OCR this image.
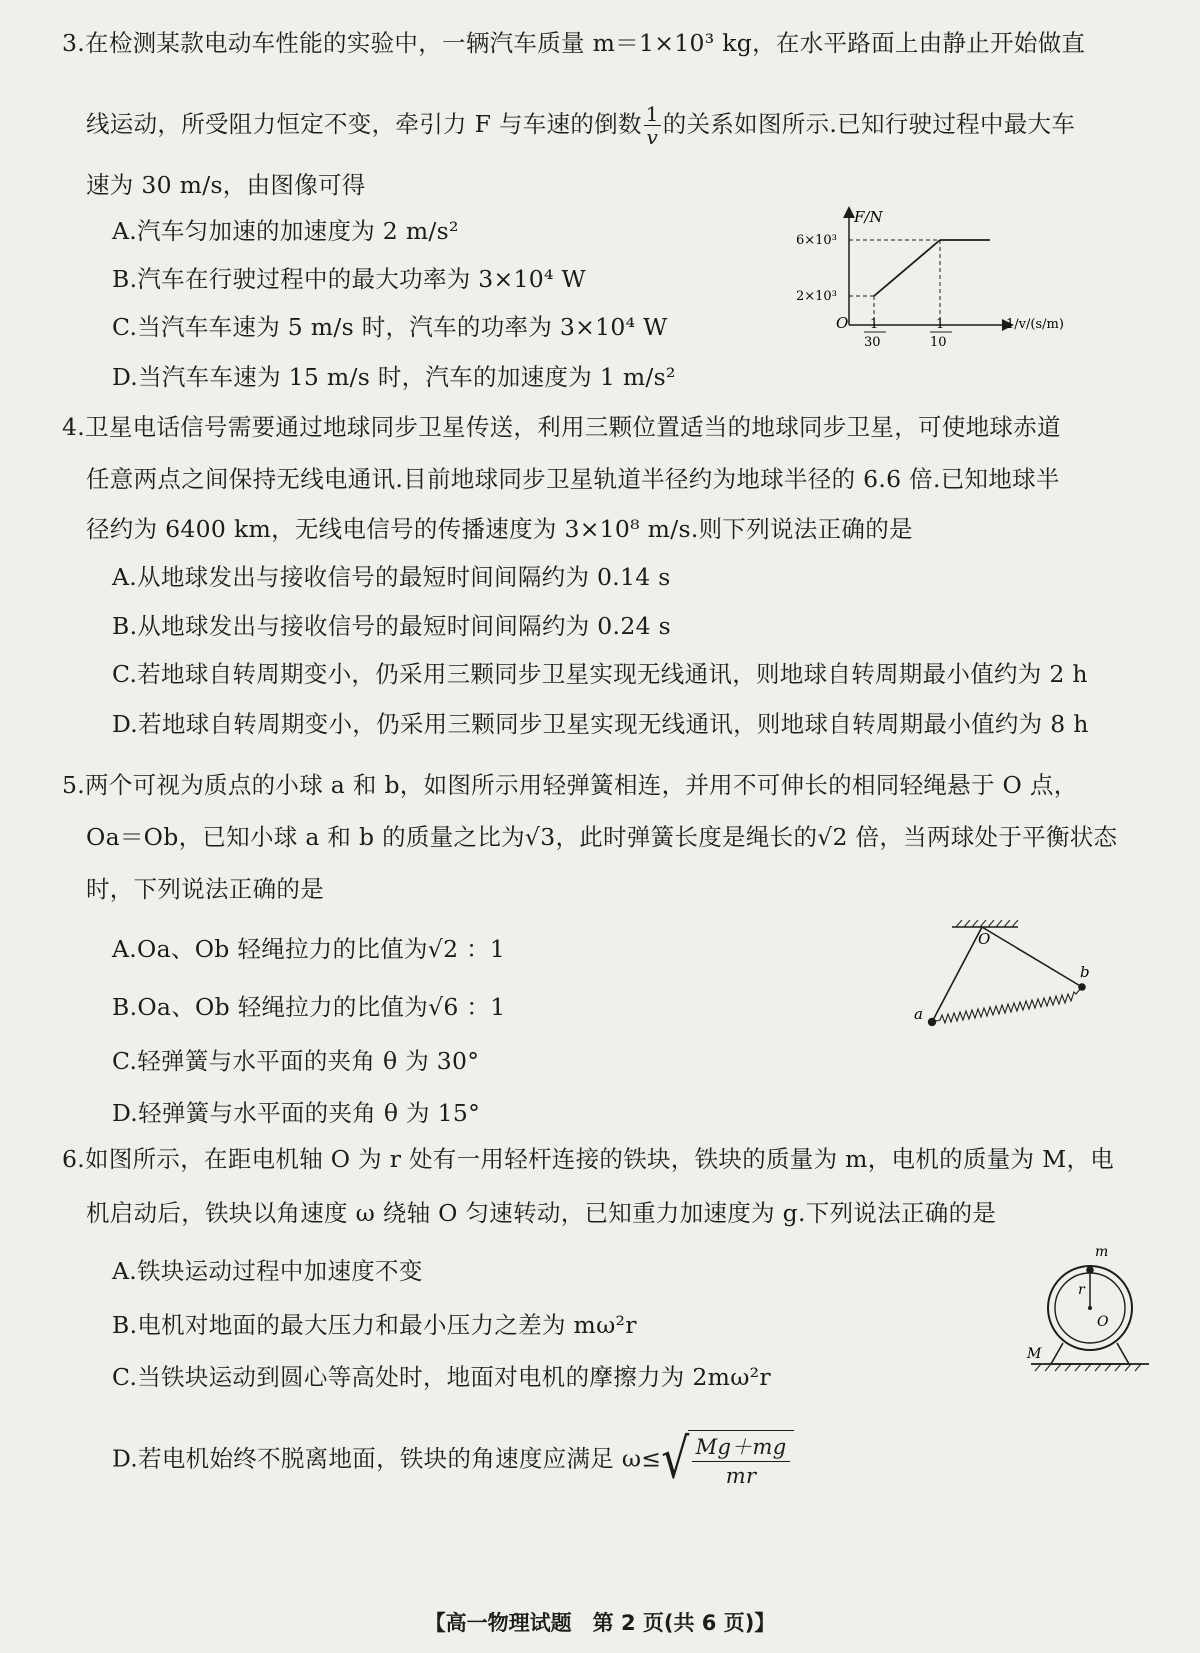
3.在检测某款电动车性能的实验中，一辆汽车质量 m＝1×10³ kg，在水平路面上由静止开始做直
线运动，所受阻力恒定不变，牵引力 F 与车速的倒数 $\frac{1}{v}$ 的关系如图所示.已知行驶过程中最大车
速为 30 m/s，由图像可得
A.汽车匀加速的加速度为 2 m/s²
B.汽车在行驶过程中的最大功率为 3×10⁴ W
C.当汽车车速为 5 m/s 时，汽车的功率为 3×10⁴ W
D.当汽车车速为 15 m/s 时，汽车的加速度为 1 m/s²
F/N
O
6×10³
2×10³
1
30
1
10
1/v/(s/m)
4.卫星电话信号需要通过地球同步卫星传送，利用三颗位置适当的地球同步卫星，可使地球赤道
任意两点之间保持无线电通讯.目前地球同步卫星轨道半径约为地球半径的 6.6 倍.已知地球半
径约为 6400 km，无线电信号的传播速度为 3×10⁸ m/s.则下列说法正确的是
A.从地球发出与接收信号的最短时间间隔约为 0.14 s
B.从地球发出与接收信号的最短时间间隔约为 0.24 s
C.若地球自转周期变小，仍采用三颗同步卫星实现无线通讯，则地球自转周期最小值约为 2 h
D.若地球自转周期变小，仍采用三颗同步卫星实现无线通讯，则地球自转周期最小值约为 8 h
5.两个可视为质点的小球 a 和 b，如图所示用轻弹簧相连，并用不可伸长的相同轻绳悬于 O 点，
Oa＝Ob，已知小球 a 和 b 的质量之比为√3，此时弹簧长度是绳长的√2 倍，当两球处于平衡状态
时，下列说法正确的是
A.Oa、Ob 轻绳拉力的比值为√2 ：1
B.Oa、Ob 轻绳拉力的比值为√6 ：1
C.轻弹簧与水平面的夹角 θ 为 30°
D.轻弹簧与水平面的夹角 θ 为 15°
O
a
b
6.如图所示，在距电机轴 O 为 r 处有一用轻杆连接的铁块，铁块的质量为 m，电机的质量为 M，电
机启动后，铁块以角速度 ω 绕轴 O 匀速转动，已知重力加速度为 g.下列说法正确的是
A.铁块运动过程中加速度不变
B.电机对地面的最大压力和最小压力之差为 mω²r
C.当铁块运动到圆心等高处时，地面对电机的摩擦力为 2mω²r
D.若电机始终不脱离地面，铁块的角速度应满足 ω≤ √
$\frac{Mg+mg}{mr}$
m
r
O
M
【高一物理试题　第 2 页(共 6 页)】
